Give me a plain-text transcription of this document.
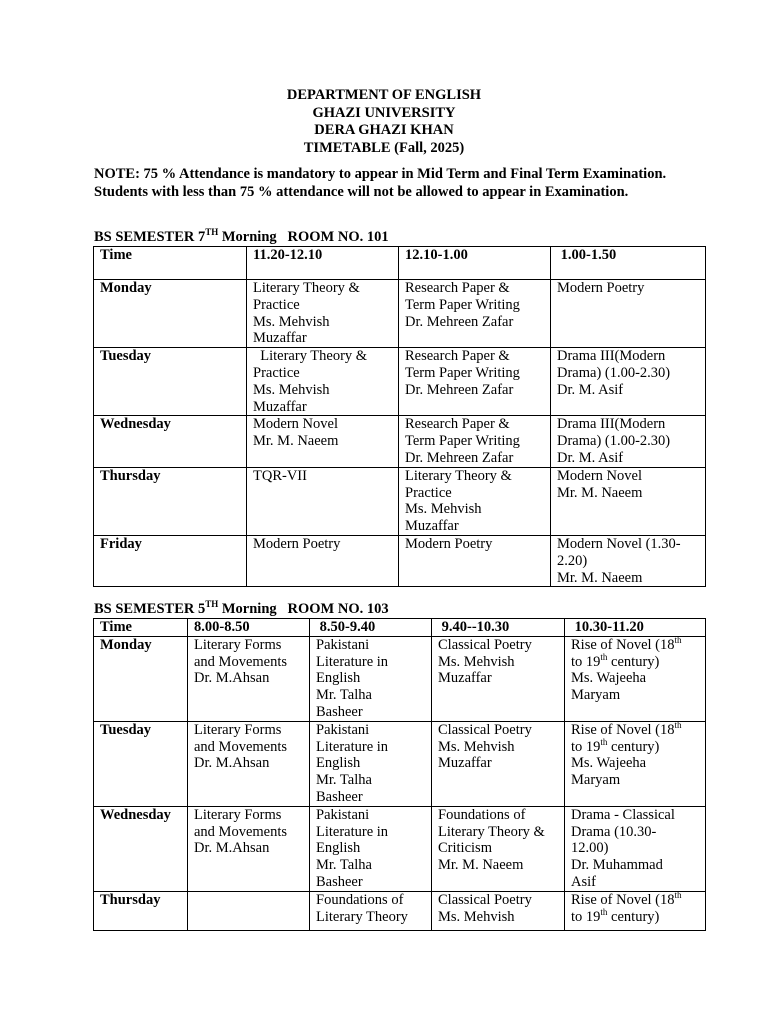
DEPARTMENT OF ENGLISH
GHAZI UNIVERSITY
DERA GHAZI KHAN
TIMETABLE (Fall, 2025)
NOTE: 75 % Attendance is mandatory to appear in Mid Term and Final Term Examination. Students with less than 75 % attendance will not be allowed to appear in Examination.
BS SEMESTER 7TH Morning   ROOM NO. 101
Time	11.20-12.10	12.10-1.00	1.00-1.50
Monday	Literary Theory &
Practice
Ms. Mehvish
Muzaffar	Research Paper &
Term Paper Writing
Dr. Mehreen Zafar	Modern Poetry

Tuesday	Literary Theory &
Practice
Ms. Mehvish
Muzaffar	Research Paper &
Term Paper Writing
Dr. Mehreen Zafar	Drama III(Modern
Drama) (1.00-2.30)
Dr. M. Asif

Wednesday	Modern Novel
Mr. M. Naeem	Research Paper &
Term Paper Writing
Dr. Mehreen Zafar	Drama III(Modern
Drama) (1.00-2.30)
Dr. M. Asif

Thursday	TQR-VII	Literary Theory &
Practice
Ms. Mehvish
Muzaffar	Modern Novel
Mr. M. Naeem

Friday	Modern Poetry	Modern Poetry	Modern Novel (1.30-
2.20)
Mr. M. Naeem
BS SEMESTER 5TH Morning   ROOM NO. 103
Time	8.00-8.50	8.50-9.40	9.40--10.30	10.30-11.20
Monday	Literary Forms
and Movements
Dr. M.Ahsan	Pakistani
Literature in
English
Mr. Talha
Basheer	Classical Poetry
Ms. Mehvish
Muzaffar	Rise of Novel (18th
to 19th century)
Ms. Wajeeha
Maryam

Tuesday	Literary Forms
and Movements
Dr. M.Ahsan	Pakistani
Literature in
English
Mr. Talha
Basheer	Classical Poetry
Ms. Mehvish
Muzaffar	Rise of Novel (18th
to 19th century)
Ms. Wajeeha
Maryam

Wednesday	Literary Forms
and Movements
Dr. M.Ahsan	Pakistani
Literature in
English
Mr. Talha
Basheer	Foundations of
Literary Theory &
Criticism
Mr. M. Naeem	Drama - Classical
Drama (10.30-
12.00)
Dr. Muhammad
Asif

Thursday		Foundations of
Literary Theory	Classical Poetry
Ms. Mehvish	Rise of Novel (18th
to 19th century)
